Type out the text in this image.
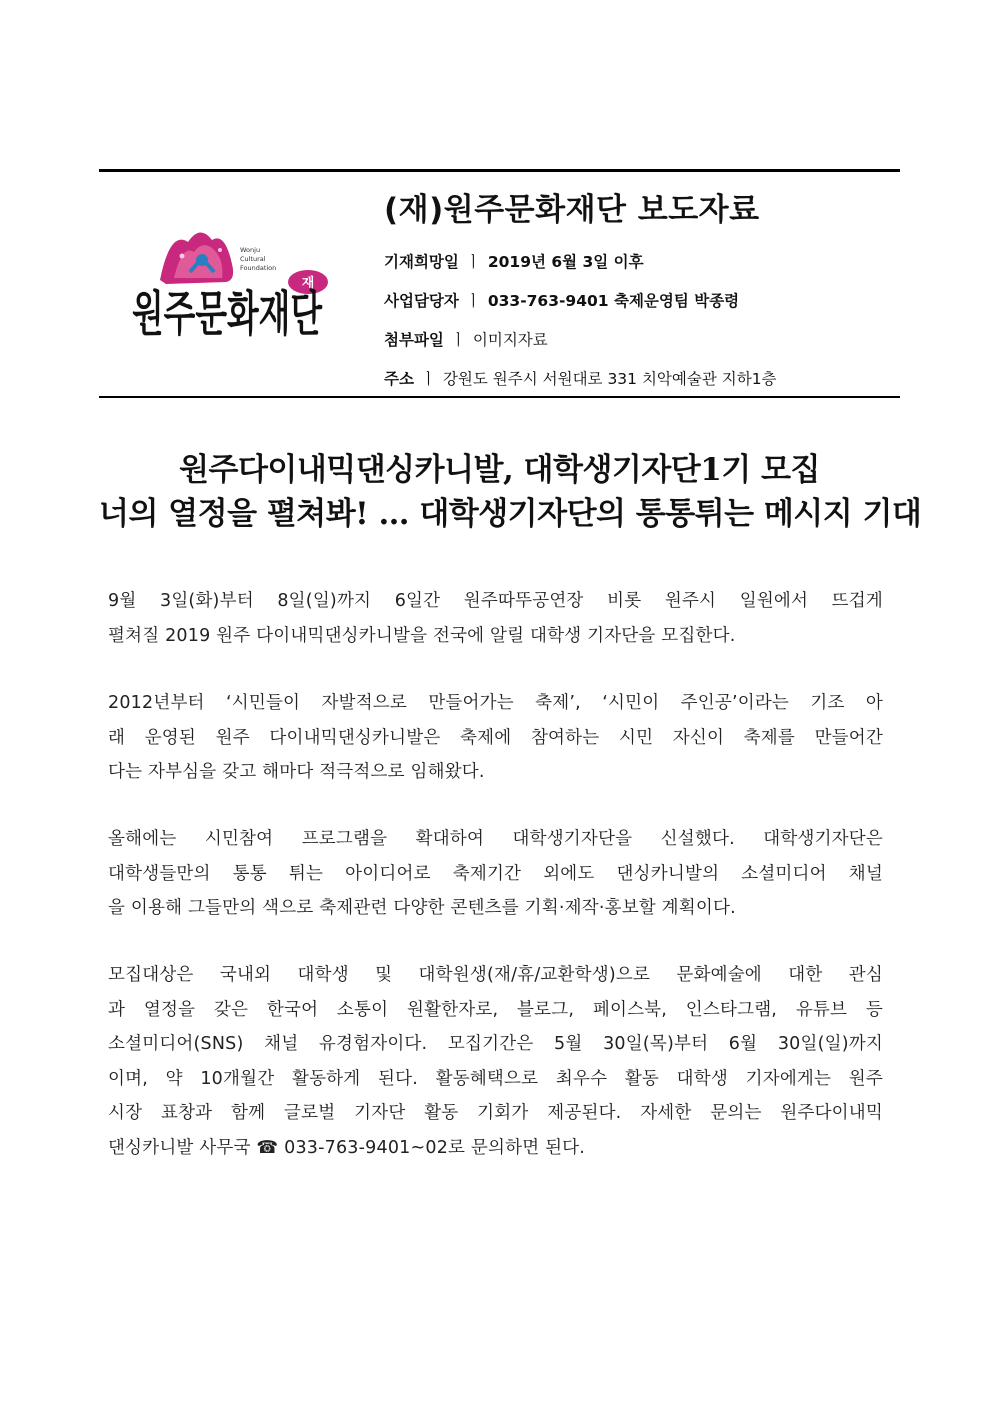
Wonju
Cultural
Foundation
재
원주문화재단
(재)원주문화재단 보도자료
기재희망일 ㅣ 2019년 6월 3일 이후
사업담당자 ㅣ 033-763-9401 축제운영팀 박종령
첨부파일 ㅣ 이미지자료
주소 ㅣ 강원도 원주시 서원대로 331 치악예술관 지하1층
원주다이내믹댄싱카니발, 대학생기자단1기 모집
너의 열정을 펼쳐봐! … 대학생기자단의 통통튀는 메시지 기대
9월 3일(화)부터 8일(일)까지 6일간 원주따뚜공연장 비롯 원주시 일원에서 뜨겁게
펼쳐질 2019 원주 다이내믹댄싱카니발을 전국에 알릴 대학생 기자단을 모집한다.
2012년부터 ‘시민들이 자발적으로 만들어가는 축제’, ‘시민이 주인공’이라는 기조 아
래 운영된 원주 다이내믹댄싱카니발은 축제에 참여하는 시민 자신이 축제를 만들어간
다는 자부심을 갖고 해마다 적극적으로 임해왔다.
올해에는 시민참여 프로그램을 확대하여 대학생기자단을 신설했다. 대학생기자단은
대학생들만의 통통 튀는 아이디어로 축제기간 외에도 댄싱카니발의 소셜미디어 채널
을 이용해 그들만의 색으로 축제관련 다양한 콘텐츠를 기획·제작·홍보할 계획이다.
모집대상은 국내외 대학생 및 대학원생(재/휴/교환학생)으로 문화예술에 대한 관심
과 열정을 갖은 한국어 소통이 원활한자로, 블로그, 페이스북, 인스타그램, 유튜브 등
소셜미디어(SNS) 채널 유경험자이다. 모집기간은 5월 30일(목)부터 6월 30일(일)까지
이며, 약 10개월간 활동하게 된다. 활동혜택으로 최우수 활동 대학생 기자에게는 원주
시장 표창과 함께 글로벌 기자단 활동 기회가 제공된다. 자세한 문의는 원주다이내믹
댄싱카니발 사무국 ☎ 033-763-9401~02로 문의하면 된다.
